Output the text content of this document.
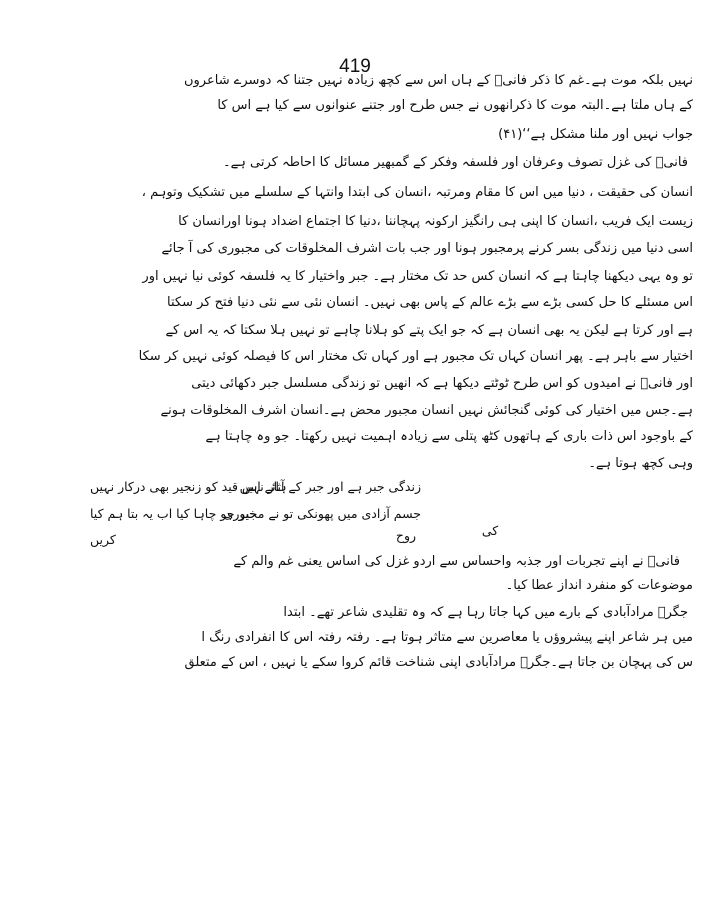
419
نہیں بلکہ موت ہے۔غم کا ذکر فانیؔ کے ہاں اس سے کچھ زیادہ نہیں جتنا کہ دوسرے شاعروں
کے ہاں ملتا ہے۔البتہ موت کا ذکرانھوں نے جس طرح اور جتنے عنوانوں سے کیا ہے اس کا
جواب نہیں اور ملنا مشکل ہے‘‘(۴۱)
فانیؔ کی غزل تصوف وعرفان اور فلسفہ وفکر کے گمبھیر مسائل کا احاطہ کرتی ہے۔
انسان کی حقیقت ، دنیا میں اس کا مقام ومرتبہ ،انسان کی ابتدا وانتہا کے سلسلے میں تشکیک وتوہم ،
زیست ایک فریب ،انسان کا اپنی ہی رانگیز ارکونہ پہچاننا ،دنیا کا اجتماع اضداد ہونا اورانسان کا
اسی دنیا میں زندگی بسر کرنے پرمجبور ہونا اور جب بات اشرف المخلوقات کی مجبوری کی آ جائے
تو وہ یہی دیکھنا چاہتا ہے کہ انسان کس حد تک مختار ہے۔ جبر واختیار کا یہ فلسفہ کوئی نیا نہیں اور
اس مسئلے کا حل کسی بڑے سے بڑے عالم کے پاس بھی نہیں۔ انسان نئی سے نئی دنیا فتح کر سکتا
ہے اور کرتا ہے لیکن یہ بھی انسان ہے کہ جو ایک پتے کو ہلانا چاہے تو نہیں ہلا سکتا کہ یہ اس کے
اختیار سے باہر ہے۔ پھر انسان کہاں تک مجبور ہے اور کہاں تک مختار اس کا فیصلہ کوئی نہیں کر سکا
اور فانیؔ نے امیدوں کو اس طرح ٹوٹتے دیکھا ہے کہ انھیں تو زندگی مسلسل جبر دکھائی دیتی
ہے۔جس میں اختیار کی کوئی گنجائش نہیں انسان مجبور محض ہے۔انسان اشرف المخلوقات ہونے
کے باوجود اس ذات باری کے ہاتھوں کٹھ پتلی سے زیادہ اہمیت نہیں رکھتا۔ جو وہ چاہتا ہے
وہی کچھ ہوتا ہے۔
زندگی جبر ہے اور جبر کے آثار نہیں
ہائے اس قید کو زنجیر بھی درکار نہیں
جسم آزادی میں پھونکی تو نے مجبوری
خیر جو چاہا کیا اب یہ بتا ہم کیا
روح	کی
کریں
فانیؔ نے اپنے تجربات اور جذبہ واحساس سے اردو غزل کی اساس یعنی غم والم کے
موضوعات کو منفرد انداز عطا کیا۔
جگرؔ مرادآبادی کے بارے میں کہا جاتا رہا ہے کہ وہ تقلیدی شاعر تھے۔ ابتدا
میں ہر شاعر اپنے پیشروؤں یا معاصرین سے متاثر ہوتا ہے۔ رفتہ رفتہ اس کا انفرادی رنگ ا
س کی پہچان بن جاتا ہے۔جگرؔ مرادآبادی اپنی شناخت قائم کروا سکے یا نہیں ، اس کے متعلق
